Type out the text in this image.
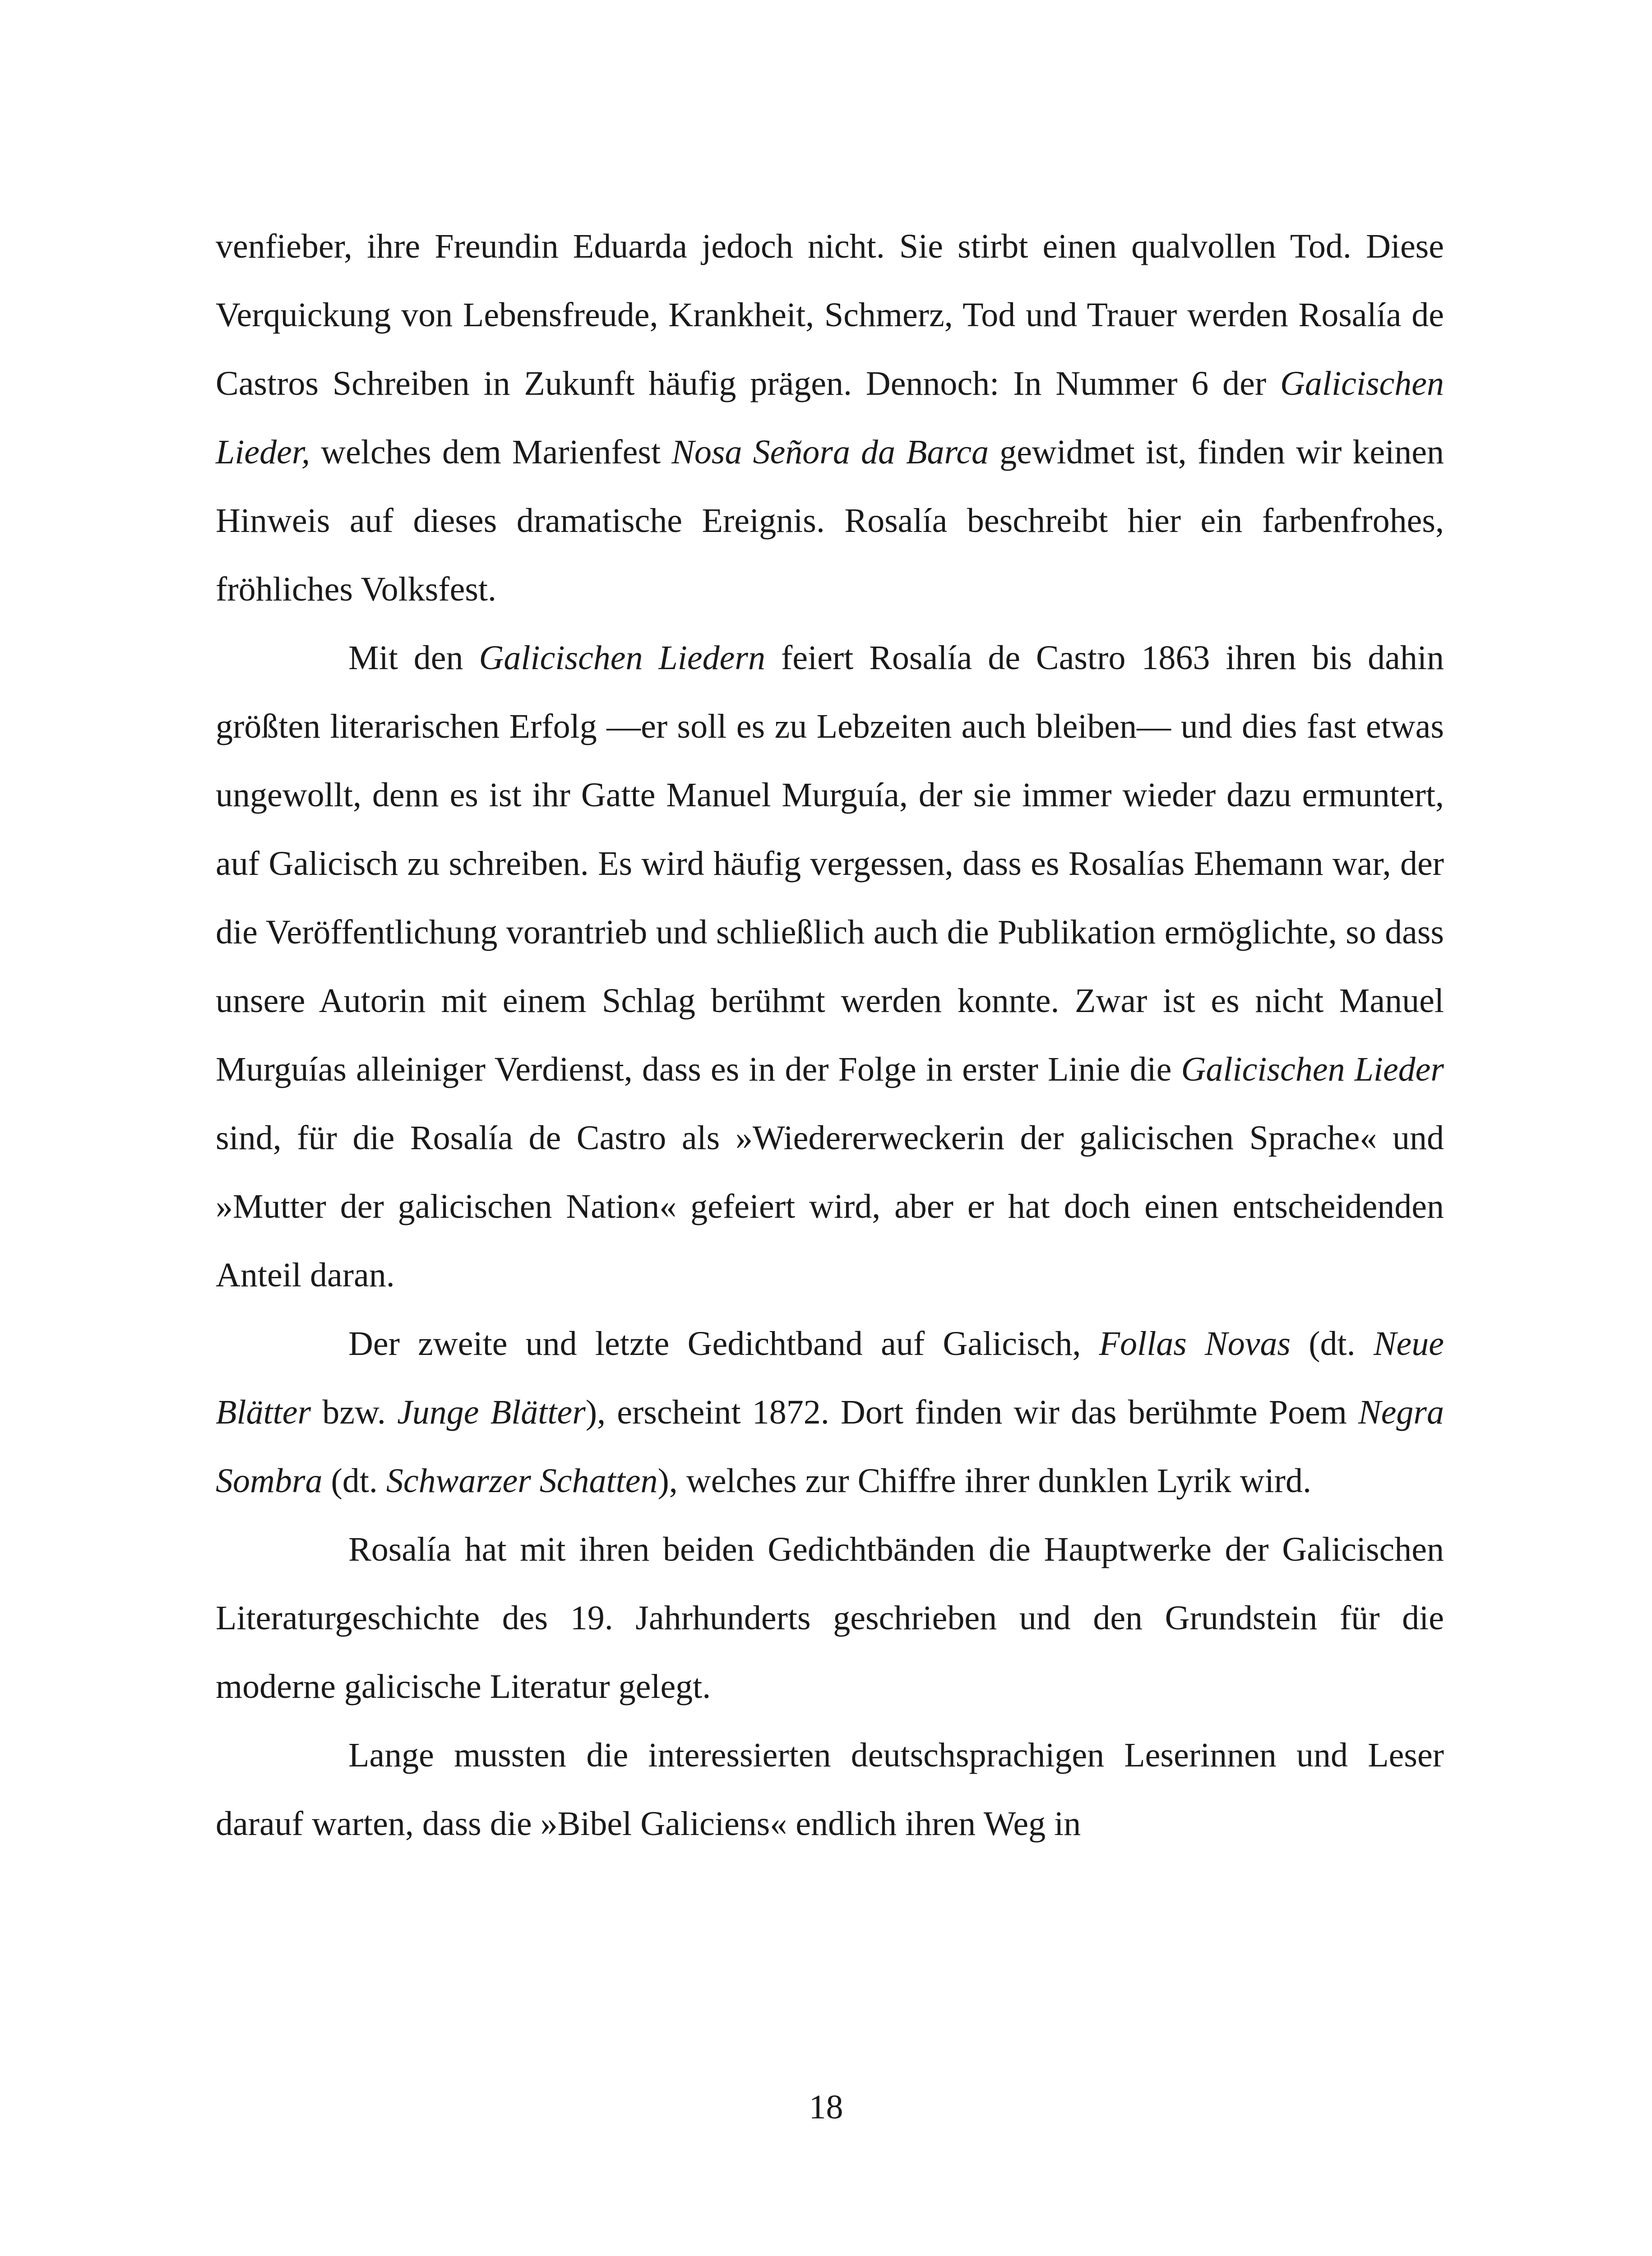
venfieber, ihre Freundin Eduarda jedoch nicht. Sie stirbt einen qualvollen Tod. Diese Verquickung von Lebensfreude, Krankheit, Schmerz, Tod und Trauer werden Rosalía de Castros Schreiben in Zukunft häufig prägen. Dennoch: In Nummer 6 der Galicischen Lieder, welches dem Marienfest Nosa Señora da Barca gewidmet ist, finden wir keinen Hinweis auf dieses dramatische Ereignis. Rosalía beschreibt hier ein farbenfrohes, fröhliches Volksfest.

Mit den Galicischen Liedern feiert Rosalía de Castro 1863 ihren bis dahin größten literarischen Erfolg —er soll es zu Lebzeiten auch bleiben— und dies fast etwas ungewollt, denn es ist ihr Gatte Manuel Murguía, der sie immer wieder dazu ermuntert, auf Galicisch zu schreiben. Es wird häufig vergessen, dass es Rosalías Ehemann war, der die Veröffentlichung vorantrieb und schließlich auch die Publikation ermöglichte, so dass unsere Autorin mit einem Schlag berühmt werden konnte. Zwar ist es nicht Manuel Murguías alleiniger Verdienst, dass es in der Folge in erster Linie die Galicischen Lieder sind, für die Rosalía de Castro als »Wiedererweckerin der galicischen Sprache« und »Mutter der galicischen Nation« gefeiert wird, aber er hat doch einen entscheidenden Anteil daran.

Der zweite und letzte Gedichtband auf Galicisch, Follas Novas (dt. Neue Blätter bzw. Junge Blätter), erscheint 1872. Dort finden wir das berühmte Poem Negra Sombra (dt. Schwarzer Schatten), welches zur Chiffre ihrer dunklen Lyrik wird.

Rosalía hat mit ihren beiden Gedichtbänden die Hauptwerke der Galicischen Literaturgeschichte des 19. Jahrhunderts geschrieben und den Grundstein für die moderne galicische Literatur gelegt.

Lange mussten die interessierten deutschsprachigen Leserinnen und Leser darauf warten, dass die »Bibel Galiciens« endlich ihren Weg in

18
